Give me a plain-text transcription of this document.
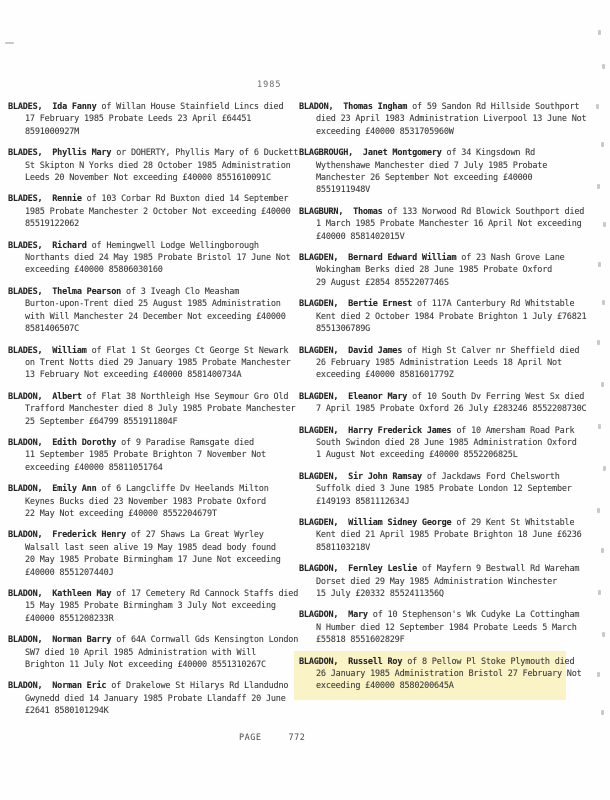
1985
BLADES,  Ida Fanny of Willan House Stainfield Lincs died
17 February 1985 Probate Leeds 23 April £64451
8591000927M
BLADES,  Phyllis Mary or DOHERTY, Phyllis Mary of 6 Duckett
St Skipton N Yorks died 28 October 1985 Administration
Leeds 20 November Not exceeding £40000 8551610091C
BLADES,  Rennie of 103 Corbar Rd Buxton died 14 September
1985 Probate Manchester 2 October Not exceeding £40000
85519122062
BLADES,  Richard of Hemingwell Lodge Wellingborough
Northants died 24 May 1985 Probate Bristol 17 June Not
exceeding £40000 85806030160
BLADES,  Thelma Pearson of 3 Iveagh Clo Measham
Burton-upon-Trent died 25 August 1985 Administration
with Will Manchester 24 December Not exceeding £40000
8581406507C
BLADES,  William of Flat 1 St Georges Ct George St Newark
on Trent Notts died 29 January 1985 Probate Manchester
13 February Not exceeding £40000 8581400734A
BLADON,  Albert of Flat 38 Northleigh Hse Seymour Gro Old
Trafford Manchester died 8 July 1985 Probate Manchester
25 September £64799 8551911804F
BLADON,  Edith Dorothy of 9 Paradise Ramsgate died
11 September 1985 Probate Brighton 7 November Not
exceeding £40000 85811051764
BLADON,  Emily Ann of 6 Langcliffe Dv Heelands Milton
Keynes Bucks died 23 November 1983 Probate Oxford
22 May Not exceeding £40000 8552204679T
BLADON,  Frederick Henry of 27 Shaws La Great Wyrley
Walsall last seen alive 19 May 1985 dead body found
20 May 1985 Probate Birmingham 17 June Not exceeding
£40000 8551207440J
BLADON,  Kathleen May of 17 Cemetery Rd Cannock Staffs died
15 May 1985 Probate Birmingham 3 July Not exceeding
£40000 8551208233R
BLADON,  Norman Barry of 64A Cornwall Gds Kensington London
SW7 died 10 April 1985 Administration with Will
Brighton 11 July Not exceeding £40000 8551310267C
BLADON,  Norman Eric of Drakelowe St Hilarys Rd Llandudno
Gwynedd died 14 January 1985 Probate Llandaff 20 June
£2641 8580101294K
BLADON,  Thomas Ingham of 59 Sandon Rd Hillside Southport
died 23 April 1983 Administration Liverpool 13 June Not
exceeding £40000 8531705960W
BLAGBROUGH,  Janet Montgomery of 34 Kingsdown Rd
Wythenshawe Manchester died 7 July 1985 Probate
Manchester 26 September Not exceeding £40000
8551911948V
BLAGBURN,  Thomas of 133 Norwood Rd Blowick Southport died
1 March 1985 Probate Manchester 16 April Not exceeding
£40000 8581402015V
BLAGDEN,  Bernard Edward William of 23 Nash Grove Lane
Wokingham Berks died 28 June 1985 Probate Oxford
29 August £2854 8552207746S
BLAGDEN,  Bertie Ernest of 117A Canterbury Rd Whitstable
Kent died 2 October 1984 Probate Brighton 1 July £76821
8551306789G
BLAGDEN,  David James of High St Calver nr Sheffield died
26 February 1985 Administration Leeds 18 April Not
exceeding £40000 8581601779Z
BLAGDEN,  Eleanor Mary of 10 South Dv Ferring West Sx died
7 April 1985 Probate Oxford 26 July £283246 8552208730C
BLAGDEN,  Harry Frederick James of 10 Amersham Road Park
South Swindon died 28 June 1985 Administration Oxford
1 August Not exceeding £40000 8552206825L
BLAGDEN,  Sir John Ramsay of Jackdaws Ford Chelsworth
Suffolk died 3 June 1985 Probate London 12 September
£149193 8581112634J
BLAGDEN,  William Sidney George of 29 Kent St Whitstable
Kent died 21 April 1985 Probate Brighton 18 June £6236
8581103218V
BLAGDON,  Fernley Leslie of Mayfern 9 Bestwall Rd Wareham
Dorset died 29 May 1985 Administration Winchester
15 July £20332 8552411356Q
BLAGDON,  Mary of 10 Stephenson's Wk Cudyke La Cottingham
N Humber died 12 September 1984 Probate Leeds 5 March
£55818 8551602829F
BLAGDON,  Russell Roy of 8 Pellow Pl Stoke Plymouth died
26 January 1985 Administration Bristol 27 February Not
exceeding £40000 8580200645A
PAGE	772
